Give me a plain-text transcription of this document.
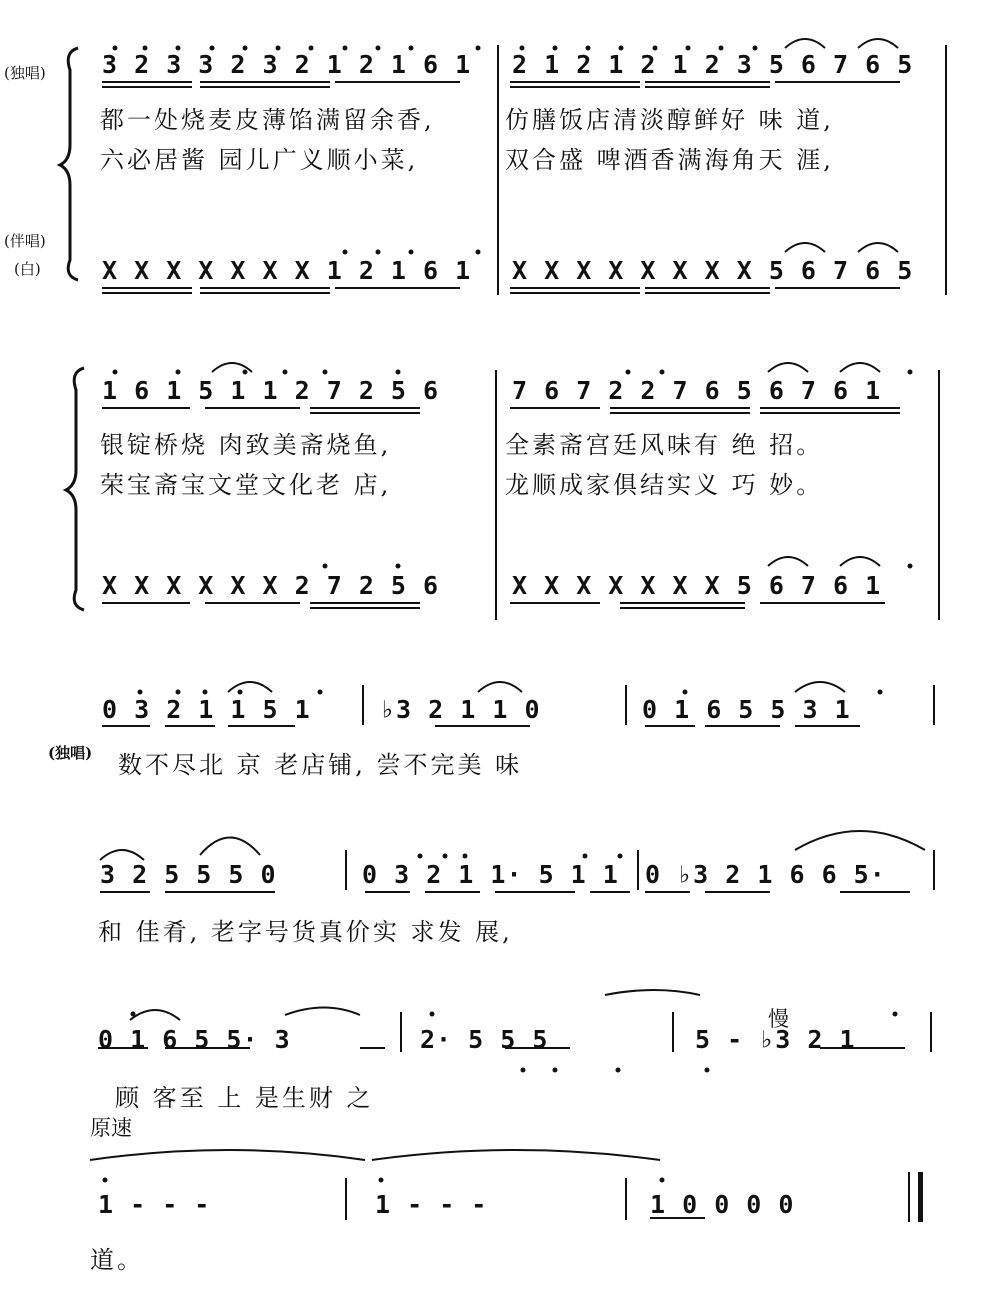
(独唱)
(伴唱)
(白)
3 2 3 3 2 3 2 1 2 1 6 1 2 1 2 1 2 1 2 3 5 6 7 6 5
都一处烧麦皮薄馅满留余香,	仿膳饭店清淡醇鲜好 味 道,
六必居酱 园儿广义顺小菜,	双合盛 啤酒香满海角天 涯,
X X X X X X X 1 2 1 6 1 X X X X X X X X 5 6 7 6 5
1 6 1 5 1 1 2 7 2 5 6	7 6 7 2 2 7 6 5 6 7 6 1
银锭桥烧 肉致美斋烧鱼,	全素斋宫廷风味有 绝 招。
荣宝斋宝文堂文化老 店,	龙顺成家俱结实义 巧 妙。
X X X X X X 2 7 2 5 6	X X X X X X X 5 6 7 6 1
0 3 2 1 1 5 1	♭3 2 1 1 0	0 1 6 5 5 3 1
(独唱) 数不尽北 京 老店铺, 尝不完美 味
3 2 5 5 5 0	0 3 2 1 1· 5 1 1 0 ♭3 2 1 6 6 5·
和 佳肴, 老字号货真价实 求发 展,
慢
0 1 6 5 5· 3	2· 5 5 5	5 - ♭3 2 1
顾 客至 上 是生财 之
原速
1 - - -	1 - - -	1 0 0 0 0
道。
